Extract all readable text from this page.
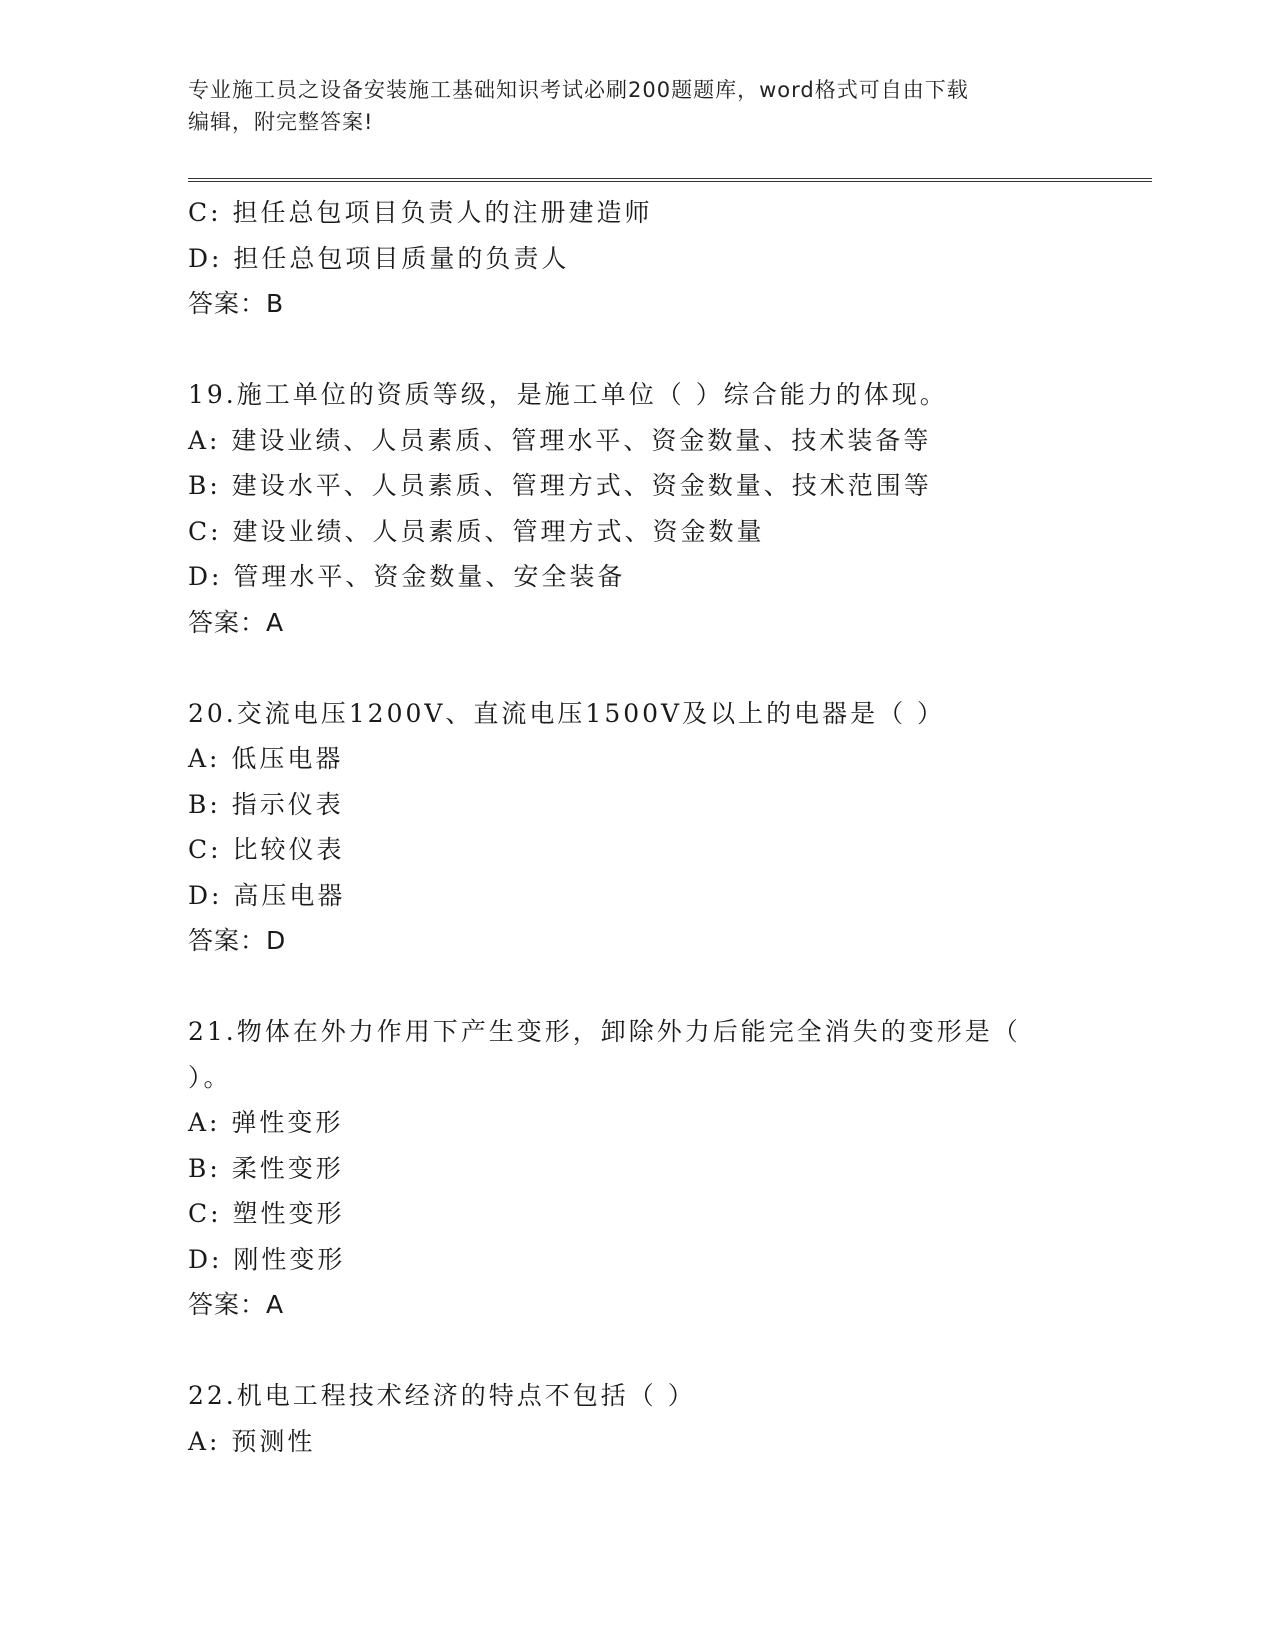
专业施工员之设备安装施工基础知识考试必刷200题题库，word格式可自由下载
编辑，附完整答案!
C: 担任总包项目负责人的注册建造师
D: 担任总包项目质量的负责人
答案：B
19.施工单位的资质等级，是施工单位（ ）综合能力的体现。
A: 建设业绩、人员素质、管理水平、资金数量、技术装备等
B: 建设水平、人员素质、管理方式、资金数量、技术范围等
C: 建设业绩、人员素质、管理方式、资金数量
D: 管理水平、资金数量、安全装备
答案：A
20.交流电压1200V、直流电压1500V及以上的电器是（ ）
A: 低压电器
B: 指示仪表
C: 比较仪表
D: 高压电器
答案：D
21.物体在外力作用下产生变形，卸除外力后能完全消失的变形是（
）。
A: 弹性变形
B: 柔性变形
C: 塑性变形
D: 刚性变形
答案：A
22.机电工程技术经济的特点不包括（ ）
A: 预测性
